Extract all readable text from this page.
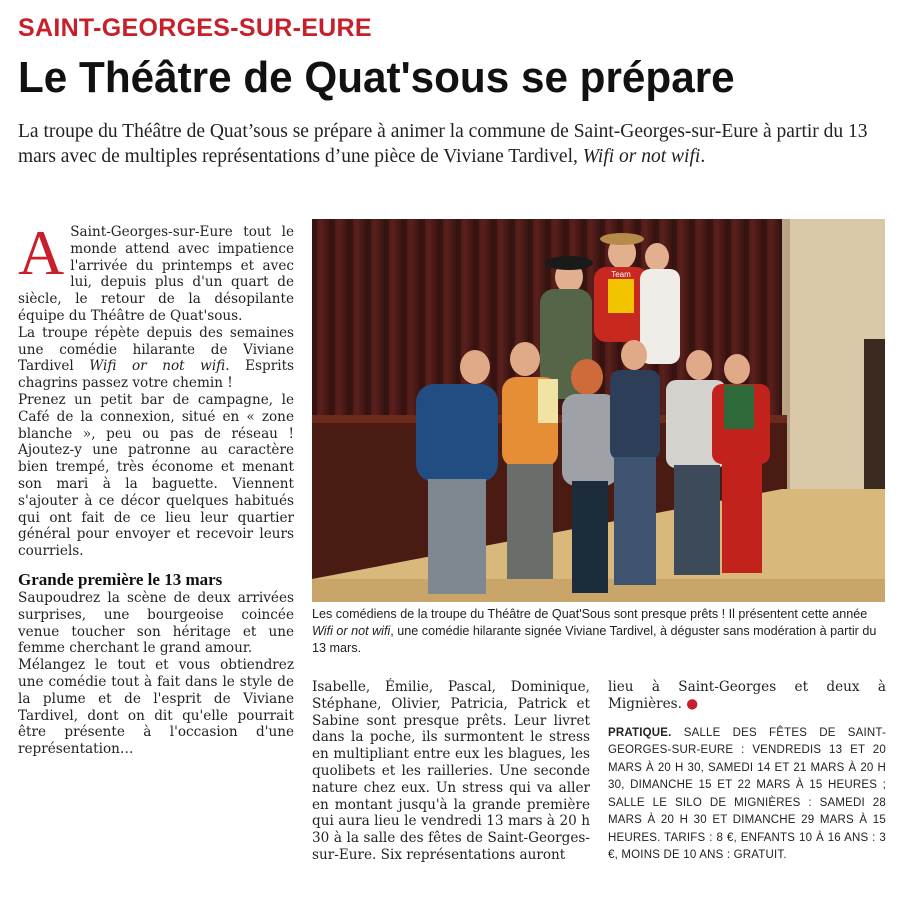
SAINT-GEORGES-SUR-EURE
Le Théâtre de Quat'sous se prépare
La troupe du Théâtre de Quat’sous se prépare à animer la commune de Saint-Georges-sur-Eure à partir du 13 mars avec de multiples représentations d’une pièce de Viviane Tardivel, Wifi or not wifi.

A Saint-Georges-sur-Eure tout le monde attend avec impatience l'arrivée du printemps et avec lui, depuis plus d'un quart de siècle, le retour de la désopilante équipe du Théâtre de Quat'sous.

La troupe répète depuis des semaines une comédie hilarante de Viviane Tardivel Wifi or not wifi. Esprits chagrins passez votre chemin !

Prenez un petit bar de campagne, le Café de la connexion, situé en « zone blanche », peu ou pas de réseau ! Ajoutez-y une patronne au caractère bien trempé, très économe et menant son mari à la baguette. Viennent s'ajouter à ce décor quelques habitués qui ont fait de ce lieu leur quartier général pour envoyer et recevoir leurs courriels.

Grande première le 13 mars

Saupoudrez la scène de deux arrivées surprises, une bourgeoise coincée venue toucher son héritage et une femme cherchant le grand amour.

Mélangez le tout et vous obtiendrez une comédie tout à fait dans le style de la plume et de l'esprit de Viviane Tardivel, dont on dit qu'elle pourrait être présente à l'occasion d'une représentation…

Team
Les comédiens de la troupe du Théâtre de Quat'Sous sont presque prêts ! Il présentent cette année Wifi or not wifi, une comédie hilarante signée Viviane Tardivel, à déguster sans modération à partir du 13 mars.

Isabelle, Émilie, Pascal, Dominique, Stéphane, Olivier, Patricia, Patrick et Sabine sont presque prêts. Leur livret dans la poche, ils surmontent le stress en multipliant entre eux les blagues, les quolibets et les railleries. Une seconde nature chez eux. Un stress qui va aller en montant jusqu'à la grande première qui aura lieu le vendredi 13 mars à 20 h 30 à la salle des fêtes de Saint-Georges-sur-Eure. Six représentations auront

lieu à Saint-Georges et deux à Mignières. ●

PRATIQUE. SALLE DES FÊTES DE SAINT-GEORGES-SUR-EURE : VENDREDIS 13 ET 20 MARS À 20 H 30, SAMEDI 14 ET 21 MARS À 20 H 30, DIMANCHE 15 ET 22 MARS À 15 HEURES ; SALLE LE SILO DE MIGNIÈRES : SAMEDI 28 MARS À 20 H 30 ET DIMANCHE 29 MARS À 15 HEURES. TARIFS : 8 €, ENFANTS 10 À 16 ANS : 3 €, MOINS DE 10 ANS : GRATUIT.
